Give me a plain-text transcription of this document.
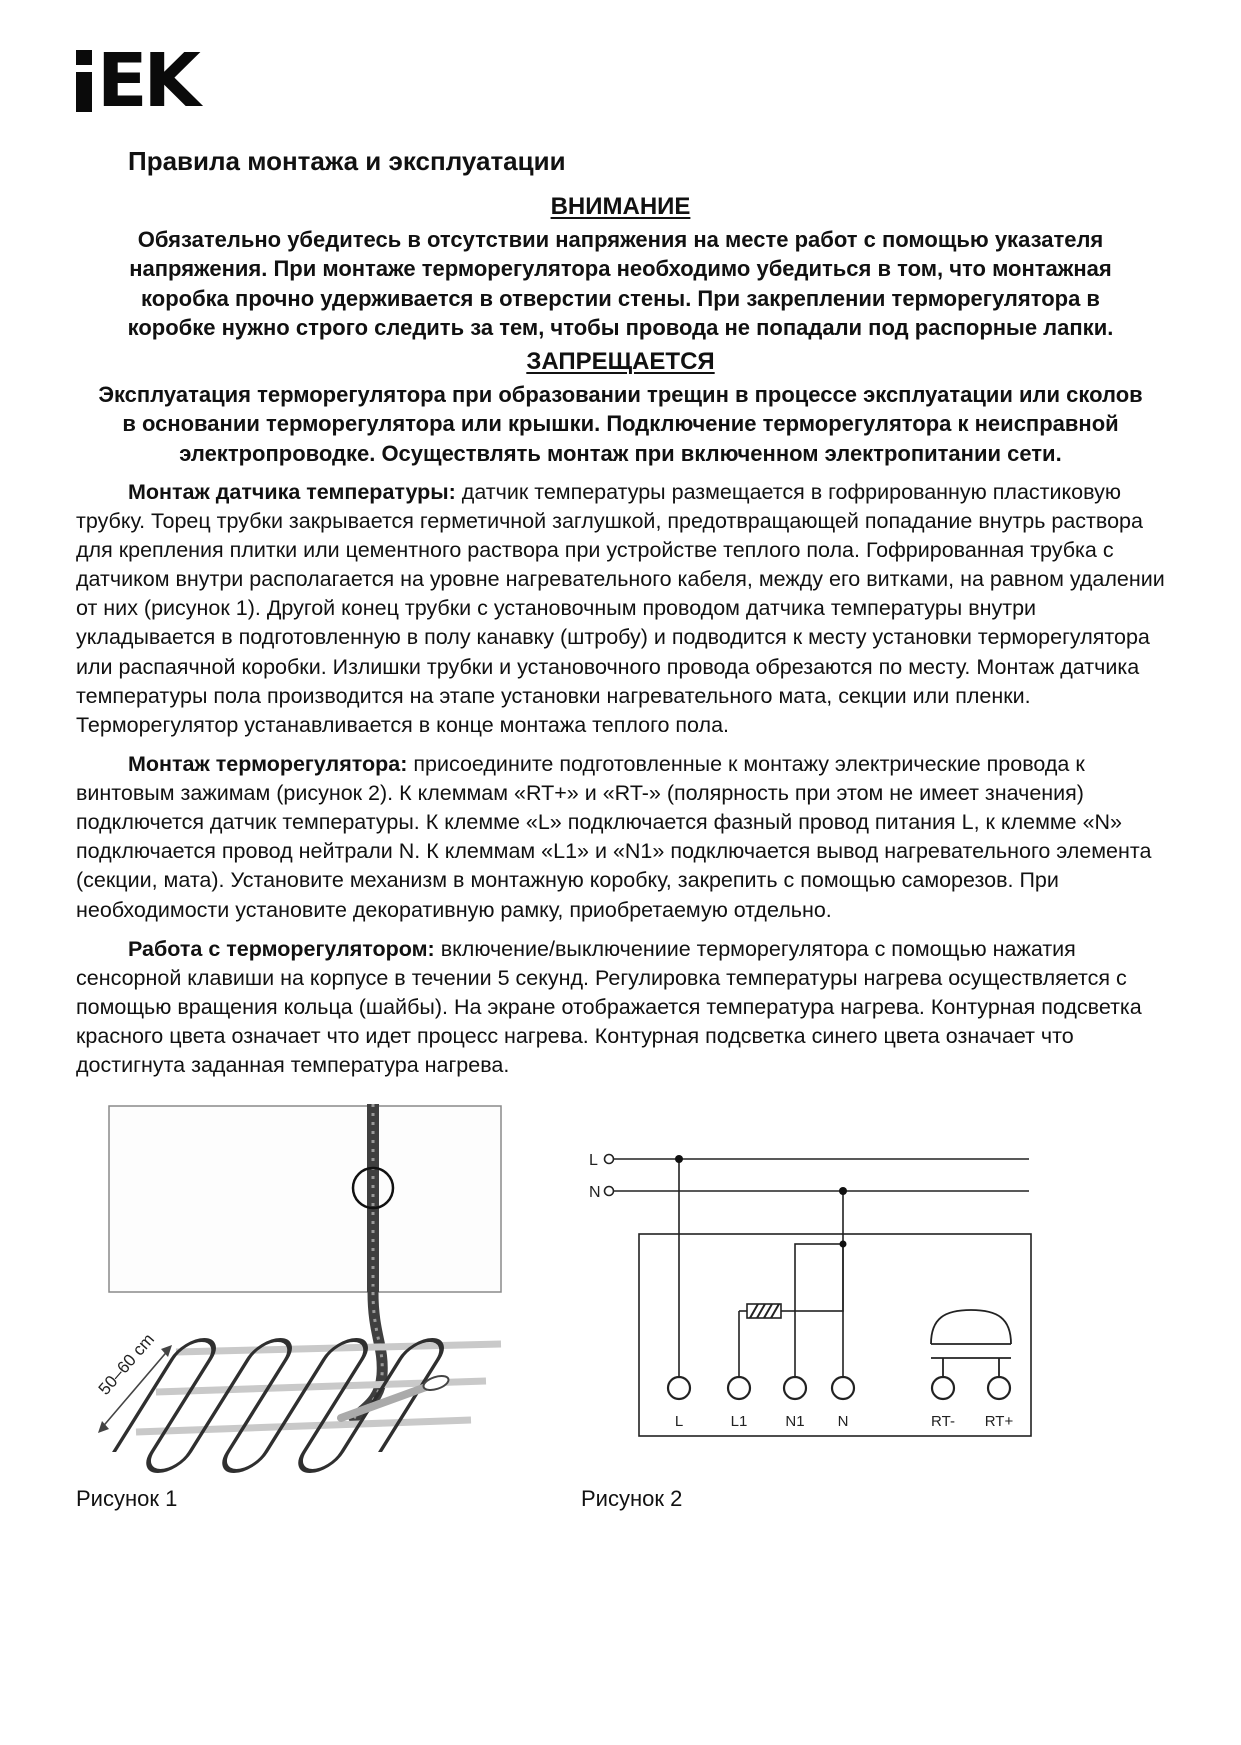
EK
Правила монтажа и эксплуатации
ВНИМАНИЕ
Обязательно убедитесь в отсутствии напряжения на месте работ с помощью указателя напряжения. При монтаже терморегулятора необходимо убедиться в том, что монтажная коробка прочно удерживается в отверстии стены. При закреплении терморегулятора в коробке нужно строго следить за тем, чтобы провода не попадали под распорные лапки.
ЗАПРЕЩАЕТСЯ
Эксплуатация терморегулятора при образовании трещин в процессе эксплуатации или сколов в основании терморегулятора или крышки. Подключение терморегулятора к неисправной электропроводке. Осуществлять монтаж при включенном электропитании сети.

Монтаж датчика температуры: датчик температуры размещается в гофрированную пластиковую трубку. Торец трубки закрывается герметичной заглушкой, предотвращающей попадание внутрь раствора для крепления плитки или цементного раствора при устройстве теплого пола. Гофрированная трубка с датчиком внутри располагается на уровне нагревательного кабеля, между его витками, на равном удалении от них (рисунок 1). Другой конец трубки с установочным проводом датчика температуры внутри укладывается в подготовленную в полу канавку (штробу) и подводится к месту установки терморегулятора или распаячной коробки. Излишки трубки и установочного провода обрезаются по месту. Монтаж датчика температуры пола производится на этапе установки нагревательного мата, секции или пленки. Терморегулятор устанавливается в конце монтажа теплого пола.

Монтаж терморегулятора: присоедините подготовленные к монтажу электрические провода к винтовым зажимам (рисунок 2). К клеммам «RT+» и «RT-» (полярность при этом не имеет значения) подключется датчик температуры. К клемме «L» подключается фазный провод питания L, к клемме «N» подключается провод нейтрали N. К клеммам «L1» и «N1» подключается вывод нагревательного элемента (секции, мата). Установите механизм в монтажную коробку, закрепить с помощью саморезов. При необходимости установите декоративную рамку, приобретаемую отдельно.

Работа с терморегулятором: включение/выключениие терморегулятора с помощью нажатия сенсорной клавиши на корпусе в течении 5 секунд. Регулировка температуры нагрева осуществляется с помощью вращения кольца (шайбы). На экране отображается температура нагрева. Контурная подсветка красного цвета означает что идет процесс нагрева. Контурная подсветка синего цвета означает что достигнута заданная температура нагрева.

50–60 cm
Рисунок 1
L
N
L	L1	N1 N	RT- RT+
Рисунок 2
